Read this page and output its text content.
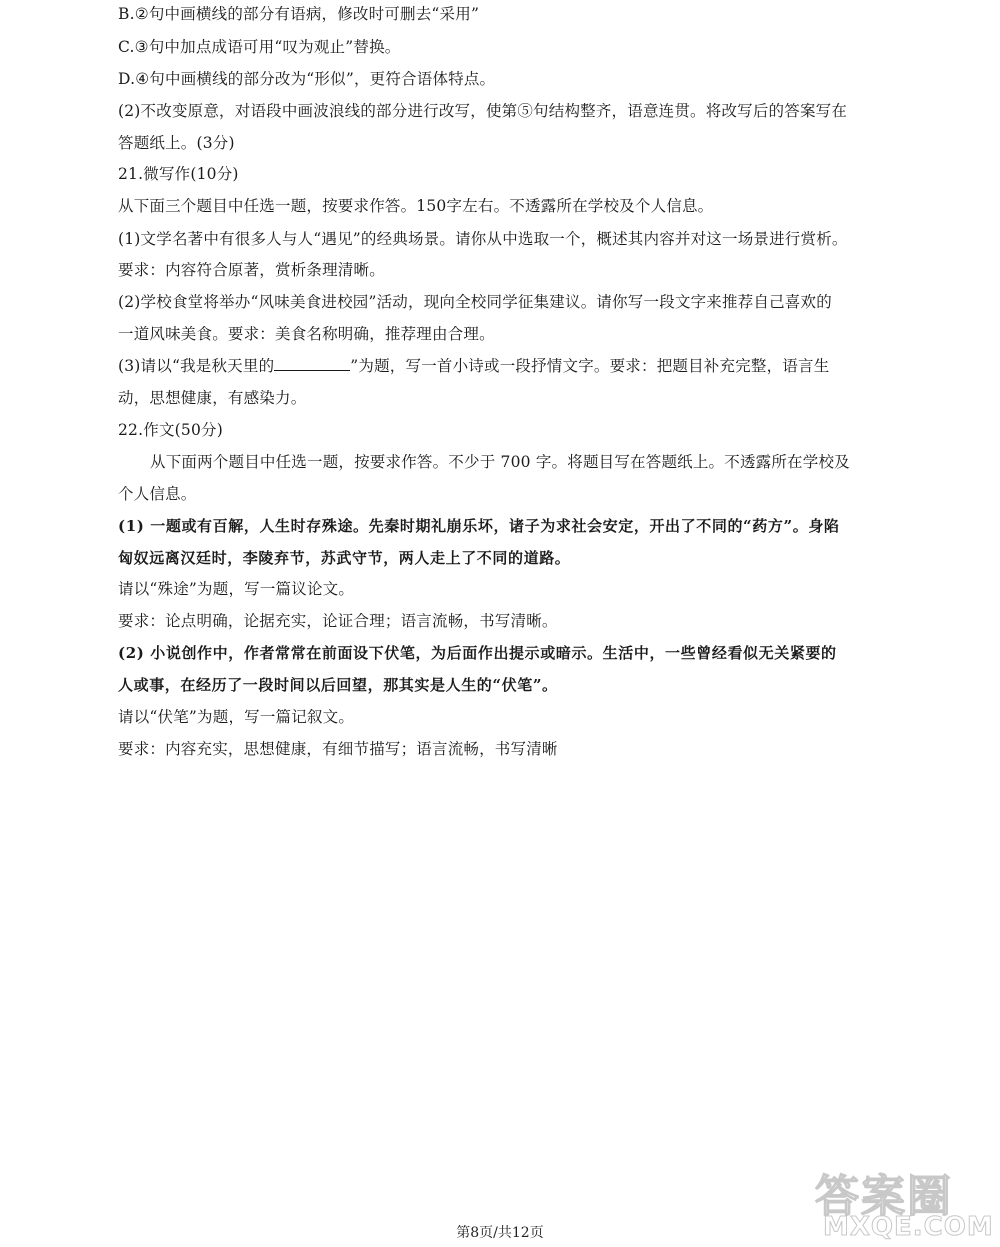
B.②句中画横线的部分有语病，修改时可删去“采用”
C.③句中加点成语可用“叹为观止”替换。
D.④句中画横线的部分改为“形似”，更符合语体特点。
(2)不改变原意，对语段中画波浪线的部分进行改写，使第⑤句结构整齐，语意连贯。将改写后的答案写在
答题纸上。(3分)
21.微写作(10分)
从下面三个题目中任选一题，按要求作答。150字左右。不透露所在学校及个人信息。
(1)文学名著中有很多人与人“遇见”的经典场景。请你从中选取一个，概述其内容并对这一场景进行赏析。
要求：内容符合原著，赏析条理清晰。
(2)学校食堂将举办“风味美食进校园”活动，现向全校同学征集建议。请你写一段文字来推荐自己喜欢的
一道风味美食。要求：美食名称明确，推荐理由合理。
(3)请以“我是秋天里的	”为题，写一首小诗或一段抒情文字。要求：把题目补充完整，语言生
动，思想健康，有感染力。
22.作文(50分)
从下面两个题目中任选一题，按要求作答。不少于 700 字。将题目写在答题纸上。不透露所在学校及
个人信息。
(1) 一题或有百解，人生时存殊途。先秦时期礼崩乐坏，诸子为求社会安定，开出了不同的“药方”。身陷
匈奴远离汉廷时，李陵弃节，苏武守节，两人走上了不同的道路。
请以“殊途”为题，写一篇议论文。
要求：论点明确，论据充实，论证合理；语言流畅，书写清晰。
(2) 小说创作中，作者常常在前面设下伏笔，为后面作出提示或暗示。生活中，一些曾经看似无关紧要的
人或事，在经历了一段时间以后回望，那其实是人生的“伏笔”。
请以“伏笔”为题，写一篇记叙文。
要求：内容充实，思想健康，有细节描写；语言流畅，书写清晰
答案圈
MXQE.COM
第8页/共12页
